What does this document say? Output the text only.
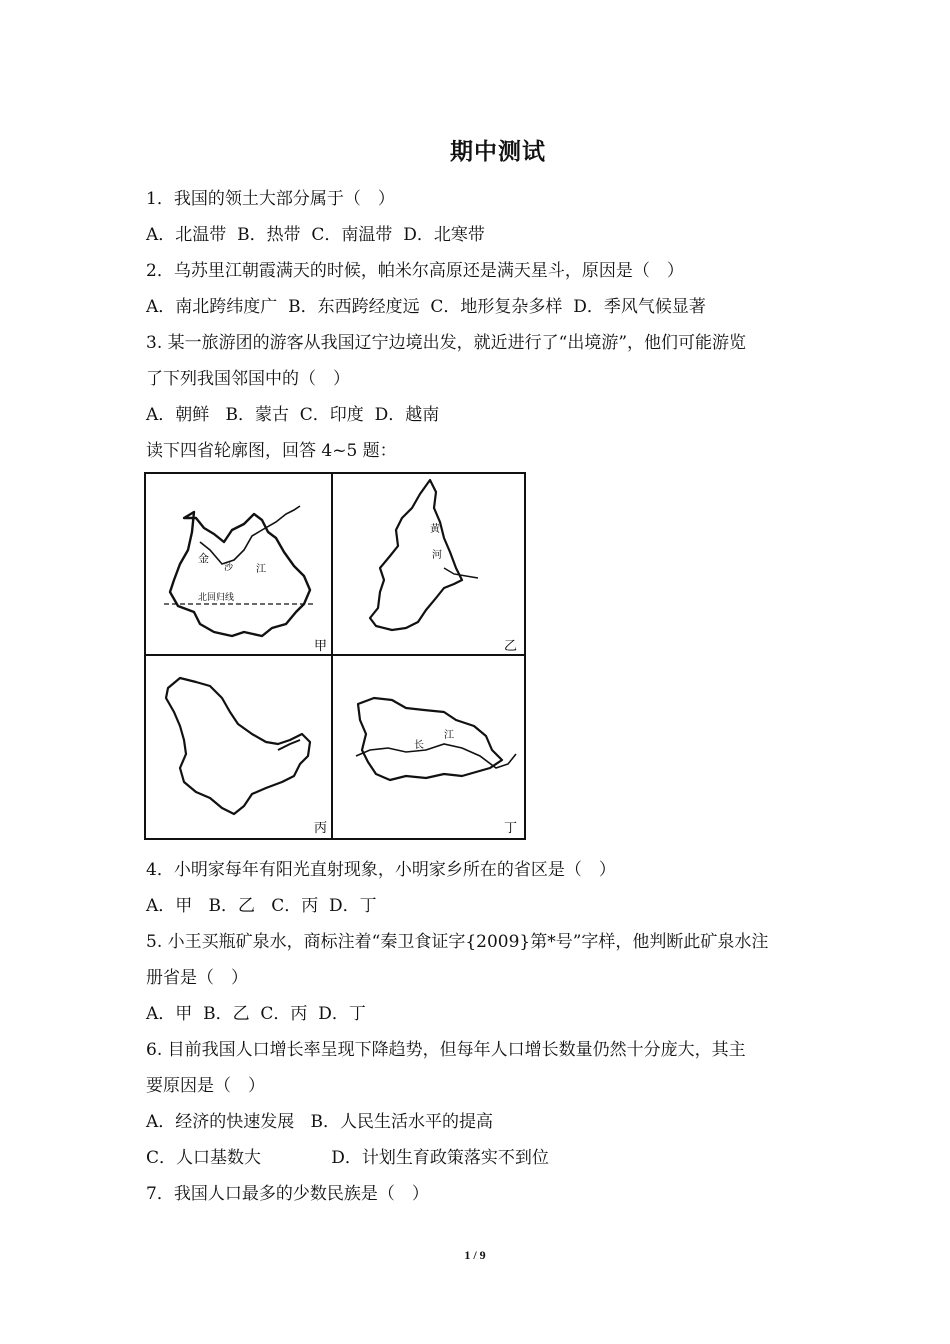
期中测试
1．我国的领土大部分属于（　）
A．北温带  B．热带  C．南温带  D．北寒带
2．乌苏里江朝霞满天的时候，帕米尔高原还是满天星斗，原因是（　）
A．南北跨纬度广  B．东西跨经度远  C．地形复杂多样  D．季风气候显著
3. 某一旅游团的游客从我国辽宁边境出发，就近进行了“出境游”，他们可能游览
了下列我国邻国中的（　）
A．朝鲜   B．蒙古  C．印度  D．越南
读下四省轮廓图，回答 4~5 题：
金
沙 江
北回归线
甲
黄
河
乙
丙
长
江
丁
4．小明家每年有阳光直射现象，小明家乡所在的省区是（　）
A．甲   B．乙   C．丙  D．丁
5. 小王买瓶矿泉水，商标注着“秦卫食证字{2009}第*号”字样，他判断此矿泉水注
册省是（　）
A．甲  B．乙  C．丙  D．丁
6. 目前我国人口增长率呈现下降趋势，但每年人口增长数量仍然十分庞大，其主
要原因是（　）
A．经济的快速发展   B．人民生活水平的提高
C．人口基数大             D．计划生育政策落实不到位
7．我国人口最多的少数民族是（　）
1 / 9
